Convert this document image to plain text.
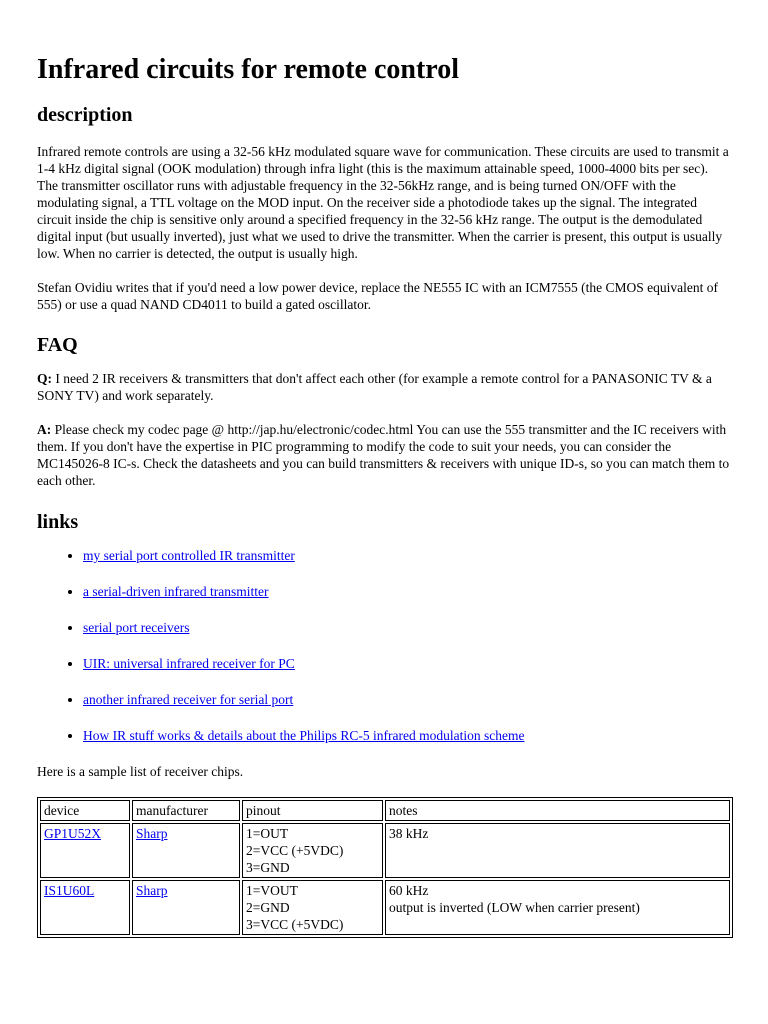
Infrared circuits for remote control
description

Infrared remote controls are using a 32-56 kHz modulated square wave for communication. These circuits are used to transmit a 1-4 kHz digital signal (OOK modulation) through infra light (this is the maximum attainable speed, 1000-4000 bits per sec). The transmitter oscillator runs with adjustable frequency in the 32-56kHz range, and is being turned ON/OFF with the modulating signal, a TTL voltage on the MOD input. On the receiver side a photodiode takes up the signal. The integrated circuit inside the chip is sensitive only around a specified frequency in the 32-56 kHz range. The output is the demodulated digital input (but usually inverted), just what we used to drive the transmitter. When the carrier is present, this output is usually low. When no carrier is detected, the output is usually high.

Stefan Ovidiu writes that if you'd need a low power device, replace the NE555 IC with an ICM7555 (the CMOS equivalent of 555) or use a quad NAND CD4011 to build a gated oscillator.

FAQ

Q: I need 2 IR receivers & transmitters that don't affect each other (for example a remote control for a PANASONIC TV & a SONY TV) and work separately.

A: Please check my codec page @ http://jap.hu/electronic/codec.html You can use the 555 transmitter and the IC receivers with them. If you don't have the expertise in PIC programming to modify the code to suit your needs, you can consider the MC145026-8 IC-s. Check the datasheets and you can build transmitters & receivers with unique ID-s, so you can match them to each other.

links
• my serial port controlled IR transmitter
• a serial-driven infrared transmitter
• serial port receivers
• UIR: universal infrared receiver for PC
• another infrared receiver for serial port
• How IR stuff works & details about the Philips RC-5 infrared modulation scheme

Here is a sample list of receiver chips.

device	manufacturer	pinout	notes
GP1U52X	Sharp	1=OUT
2=VCC (+5VDC)
3=GND	38 kHz
IS1U60L	Sharp	1=VOUT
2=GND
3=VCC (+5VDC)	60 kHz
output is inverted (LOW when carrier present)
